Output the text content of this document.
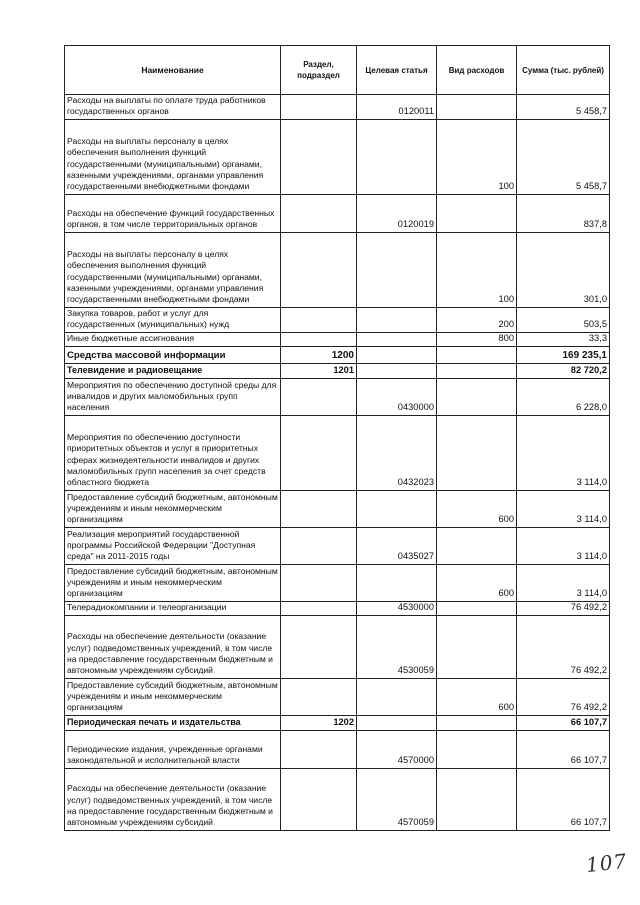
Наименование	Раздел, подраздел	Целевая статья	Вид расходов	Сумма (тыс. рублей)
Расходы на выплаты по оплате труда работников государственных органов		0120011		5 458,7
Расходы на выплаты персоналу в целях обеспечения выполнения функций государственными (муниципальными) органами, казенными учреждениями, органами управления государственными внебюджетными фондами			100	5 458,7
Расходы на обеспечение функций государственных органов, в том числе территориальных органов		0120019		837,8
Расходы на выплаты персоналу в целях обеспечения выполнения функций государственными (муниципальными) органами, казенными учреждениями, органами управления государственными внебюджетными фондами			100	301,0
Закупка товаров, работ и услуг для государственных (муниципальных) нужд			200	503,5
Иные бюджетные ассигнования			800	33,3
Средства массовой информации	1200			169 235,1
Телевидение и радиовещание	1201			82 720,2
Мероприятия по обеспечению доступной среды для инвалидов и других маломобильных групп населения		0430000		6 228,0
Мероприятия по обеспечению доступности приоритетных объектов и услуг в приоритетных сферах жизнедеятельности инвалидов и других маломобильных групп населения за счет средств областного бюджета		0432023		3 114,0
Предоставление субсидий бюджетным, автономным учреждениям и иным некоммерческим организациям			600	3 114,0
Реализация мероприятий государственной программы Российской Федерации "Доступная среда" на 2011-2015 годы		0435027		3 114,0
Предоставление субсидий бюджетным, автономным учреждениям и иным некоммерческим организациям			600	3 114,0
Телерадиокомпании и телеорганизации		4530000		76 492,2
Расходы на обеспечение деятельности (оказание услуг) подведомственных учреждений, в том числе на предоставление государственным бюджетным и автономным учреждениям субсидий		4530059		76 492,2
Предоставление субсидий бюджетным, автономным учреждениям и иным некоммерческим организациям			600	76 492,2
Периодическая печать и издательства	1202			66 107,7
Периодические издания, учрежденные органами законодательной и исполнительной власти		4570000		66 107,7
Расходы на обеспечение деятельности (оказание услуг) подведомственных учреждений, в том числе на предоставление государственным бюджетным и автономным учреждениям субсидий		4570059		66 107,7
107
